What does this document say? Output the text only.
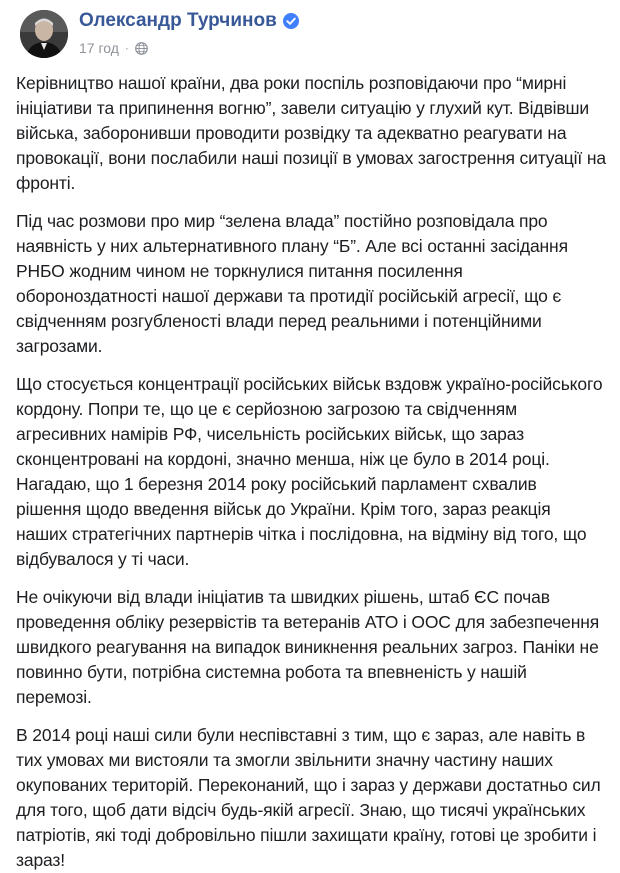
Олександр Турчинов
17 год ·

Керівництво нашої країни, два роки поспіль розповідаючи про “мирні ініціативи та припинення вогню”, завели ситуацію у глухий кут. Відвівши війська, заборонивши проводити розвідку та адекватно реагувати на провокації, вони послабили наші позиції в умовах загострення ситуації на фронті.

Під час розмови про мир “зелена влада” постійно розповідала про наявність у них альтернативного плану “Б”. Але всі останні засідання РНБО жодним чином не торкнулися питання посилення обороноздатності нашої держави та протидії російській агресії, що є свідченням розгубленості влади перед реальними і потенційними загрозами.

Що стосується концентрації російських військ вздовж україно-російського кордону. Попри те, що це є серйозною загрозою та свідченням агресивних намірів РФ, чисельність російських військ, що зараз сконцентровані на кордоні, значно менша, ніж це було в 2014 році. Нагадаю, що 1 березня 2014 року російський парламент схвалив рішення щодо введення військ до України. Крім того, зараз реакція наших стратегічних партнерів чітка і послідовна, на відміну від того, що відбувалося у ті часи.

Не очікуючи від влади ініціатив та швидких рішень, штаб ЄС почав проведення обліку резервістів та ветеранів АТО і ООС для забезпечення швидкого реагування на випадок виникнення реальних загроз. Паніки не повинно бути, потрібна системна робота та впевненість у нашій перемозі.

В 2014 році наші сили були неспівставні з тим, що є зараз, але навіть в тих умовах ми вистояли та змогли звільнити значну частину наших окупованих територій. Переконаний, що і зараз у держави достатньо сил для того, щоб дати відсіч будь-якій агресії. Знаю, що тисячі українських патріотів, які тоді добровільно пішли захищати країну, готові це зробити і зараз!
